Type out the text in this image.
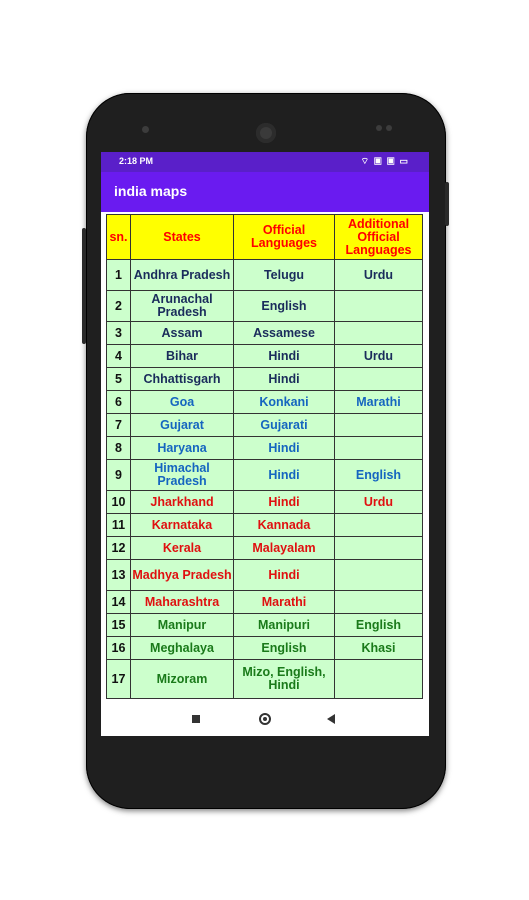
2:18 PM	⌔ ▣ ▣ ▭
india maps
sn.	States	Official Languages	Additional Official Languages
1	Andhra Pradesh	Telugu	Urdu
2	Arunachal Pradesh	English	
3	Assam	Assamese	
4	Bihar	Hindi	Urdu
5	Chhattisgarh	Hindi	
6	Goa	Konkani	Marathi
7	Gujarat	Gujarati	
8	Haryana	Hindi	
9	Himachal Pradesh	Hindi	English
10	Jharkhand	Hindi	Urdu
11	Karnataka	Kannada	
12	Kerala	Malayalam	
13	Madhya Pradesh	Hindi	
14	Maharashtra	Marathi	
15	Manipur	Manipuri	English
16	Meghalaya	English	Khasi
17	Mizoram	Mizo, English, Hindi	
